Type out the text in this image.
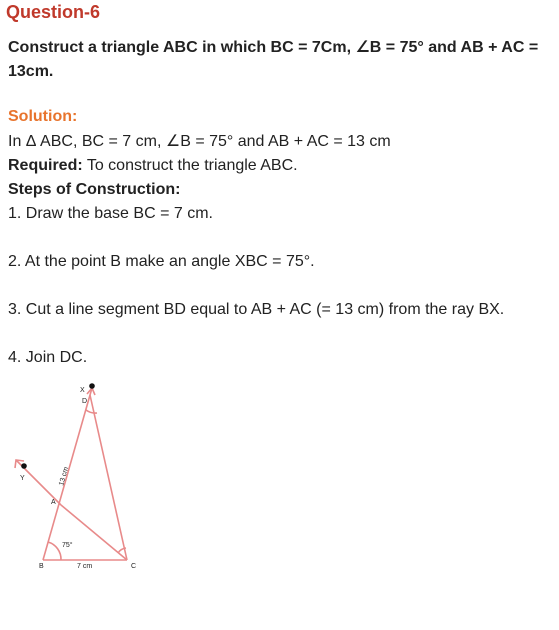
Question-6
Construct a triangle ABC in which BC = 7Cm, ∠B = 75° and AB + AC =
13cm.
Solution:
In Δ ABC, BC = 7 cm, ∠B = 75° and AB + AC = 13 cm
Required: To construct the triangle ABC.
Steps of Construction:
1. Draw the base BC = 7 cm.
2. At the point B make an angle XBC = 75°.
3. Cut a line segment BD equal to AB + AC (= 13 cm) from the ray BX.
4. Join DC.
X
D
Y
A
B	C
75°
7 cm
13 cm
